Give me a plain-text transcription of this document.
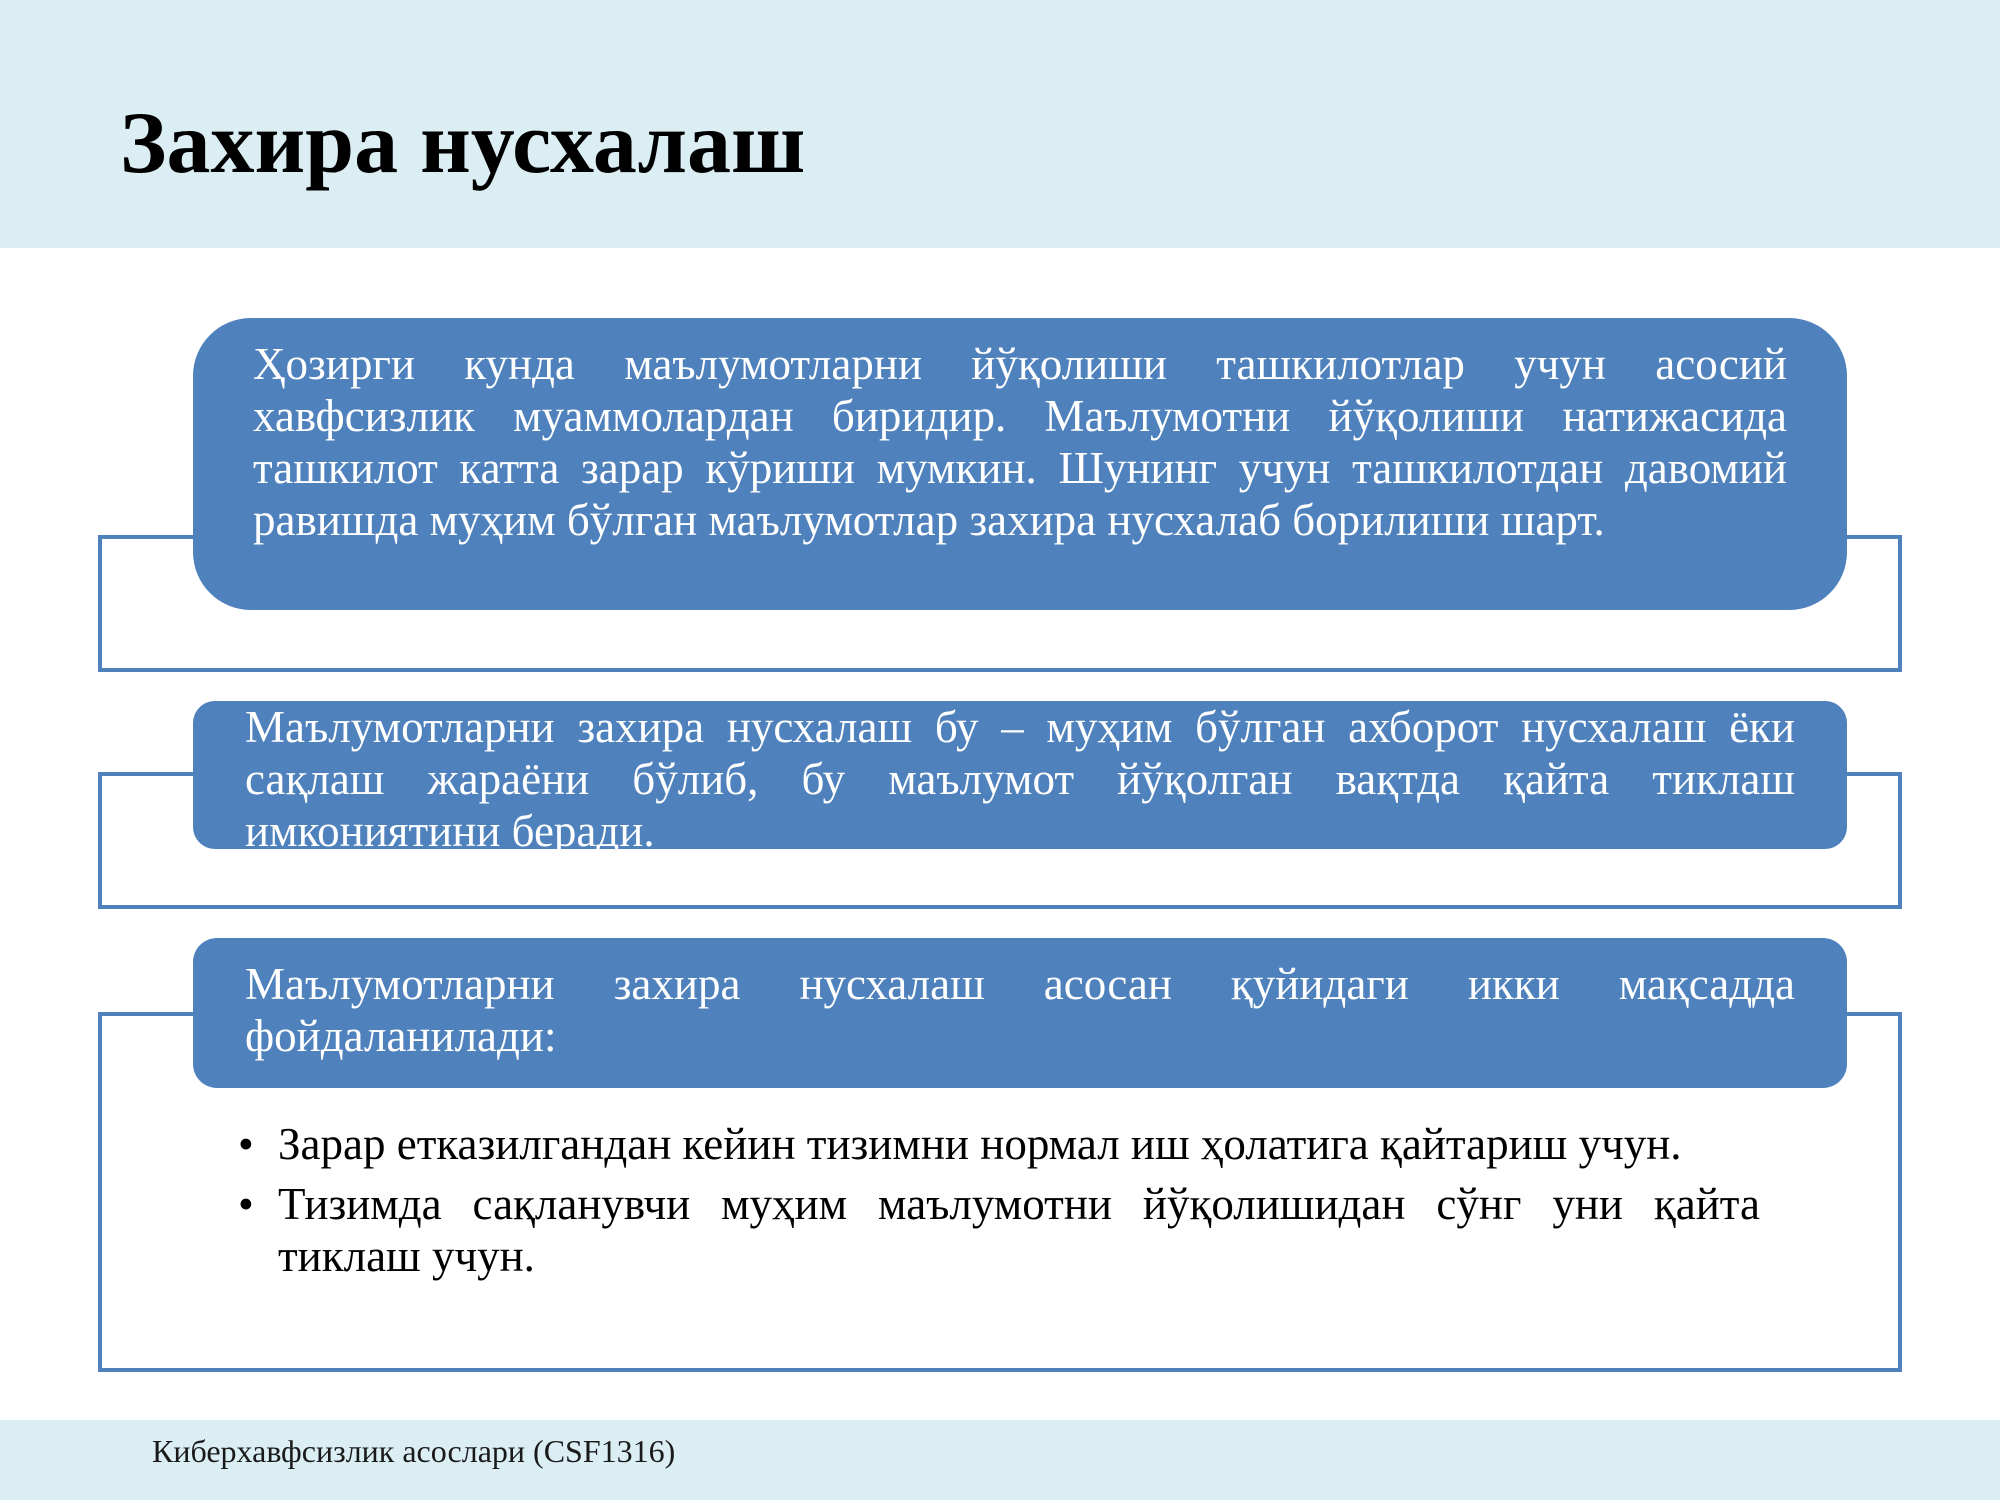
Захира нусхалаш
Ҳозирги кунда маълумотларни йўқолиши ташкилотлар учун асосий хавфсизлик муаммолардан биридир. Маълумотни йўқолиши натижасида ташкилот катта зарар кўриши мумкин. Шунинг учун ташкилотдан давомий равишда муҳим бўлган маълумотлар захира нусхалаб борилиши шарт.
Маълумотларни захира нусхалаш бу – муҳим бўлган ахборот нусхалаш ёки сақлаш жараёни бўлиб, бу маълумот йўқолган вақтда қайта тиклаш имкониятини беради.
Маълумотларни захира нусхалаш асосан қуйидаги икки мақсадда фойдаланилади:
• Зарар етказилгандан кейин тизимни нормал иш ҳолатига қайтариш учун.
• Тизимда сақланувчи муҳим маълумотни йўқолишидан сўнг уни қайта тиклаш учун.
Киберхавфсизлик асослари (CSF1316)
